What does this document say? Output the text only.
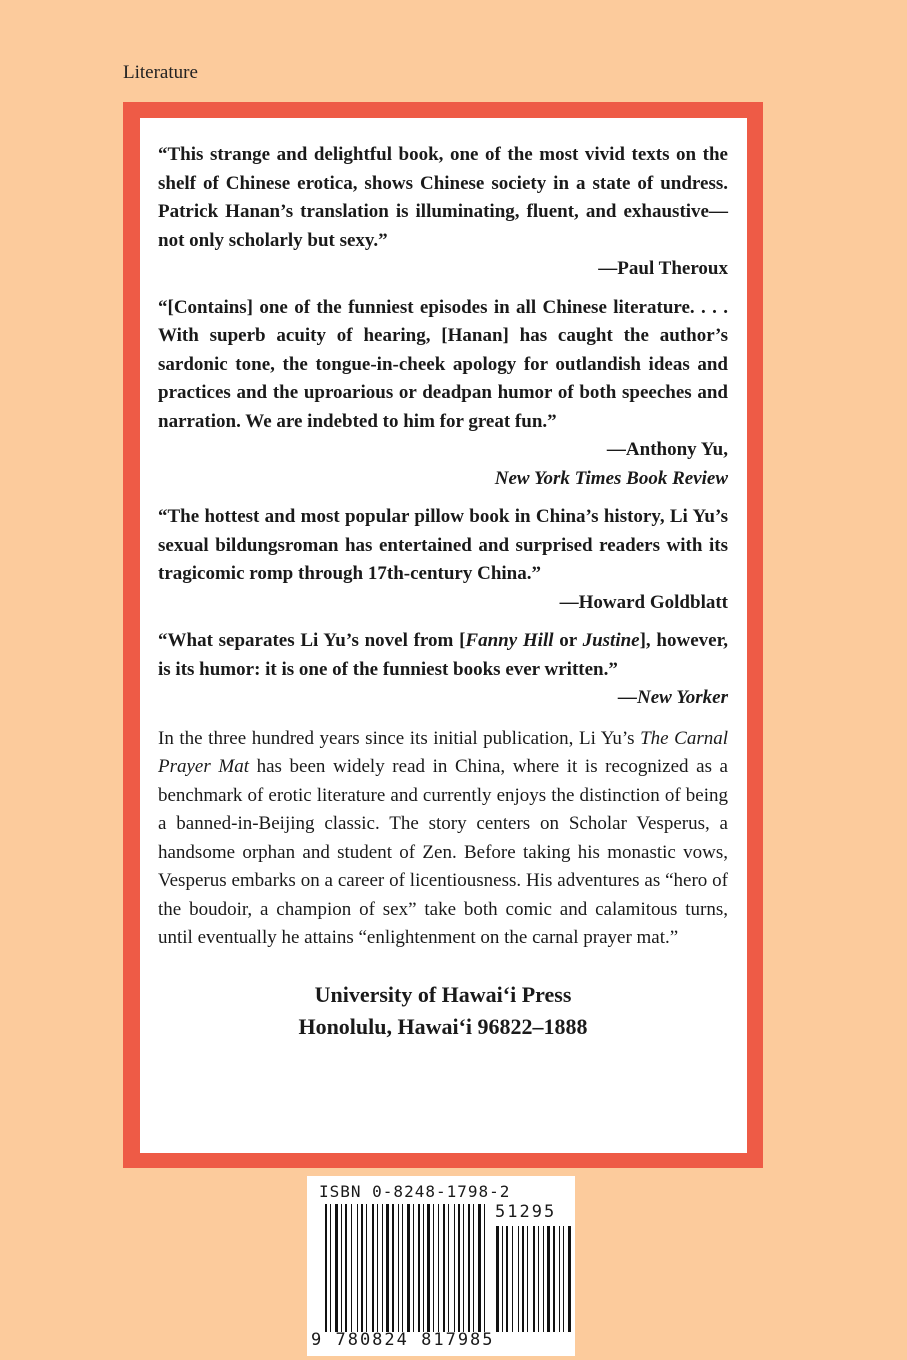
Literature

“This strange and delightful book, one of the most vivid texts on the shelf of Chinese erotica, shows Chinese society in a state of undress. Patrick Hanan’s translation is illuminating, fluent, and exhaustive—not only scholarly but sexy.”

—Paul Theroux

“[Contains] one of the funniest episodes in all Chinese literature. . . . With superb acuity of hearing, [Hanan] has caught the author’s sardonic tone, the tongue-in-cheek apology for outlandish ideas and practices and the uproarious or deadpan humor of both speeches and narration. We are indebted to him for great fun.”

—Anthony Yu,
New York Times Book Review

“The hottest and most popular pillow book in China’s history, Li Yu’s sexual bildungsroman has entertained and surprised readers with its tragicomic romp through 17th-century China.”

—Howard Goldblatt

“What separates Li Yu’s novel from [Fanny Hill or Justine], however, is its humor: it is one of the funniest books ever written.”

—New Yorker

In the three hundred years since its initial publication, Li Yu’s The Carnal Prayer Mat has been widely read in China, where it is recognized as a benchmark of erotic literature and currently enjoys the distinction of being a banned-in-Beijing classic. The story centers on Scholar Vesperus, a handsome orphan and student of Zen. Before taking his monastic vows, Vesperus embarks on a career of licentiousness. His adventures as “hero of the boudoir, a champion of sex” take both comic and calamitous turns, until eventually he attains “enlightenment on the carnal prayer mat.”

University of Hawai‘i Press
Honolulu, Hawai‘i 96822–1888
ISBN 0-8248-1798-2
51295
9 780824 817985
